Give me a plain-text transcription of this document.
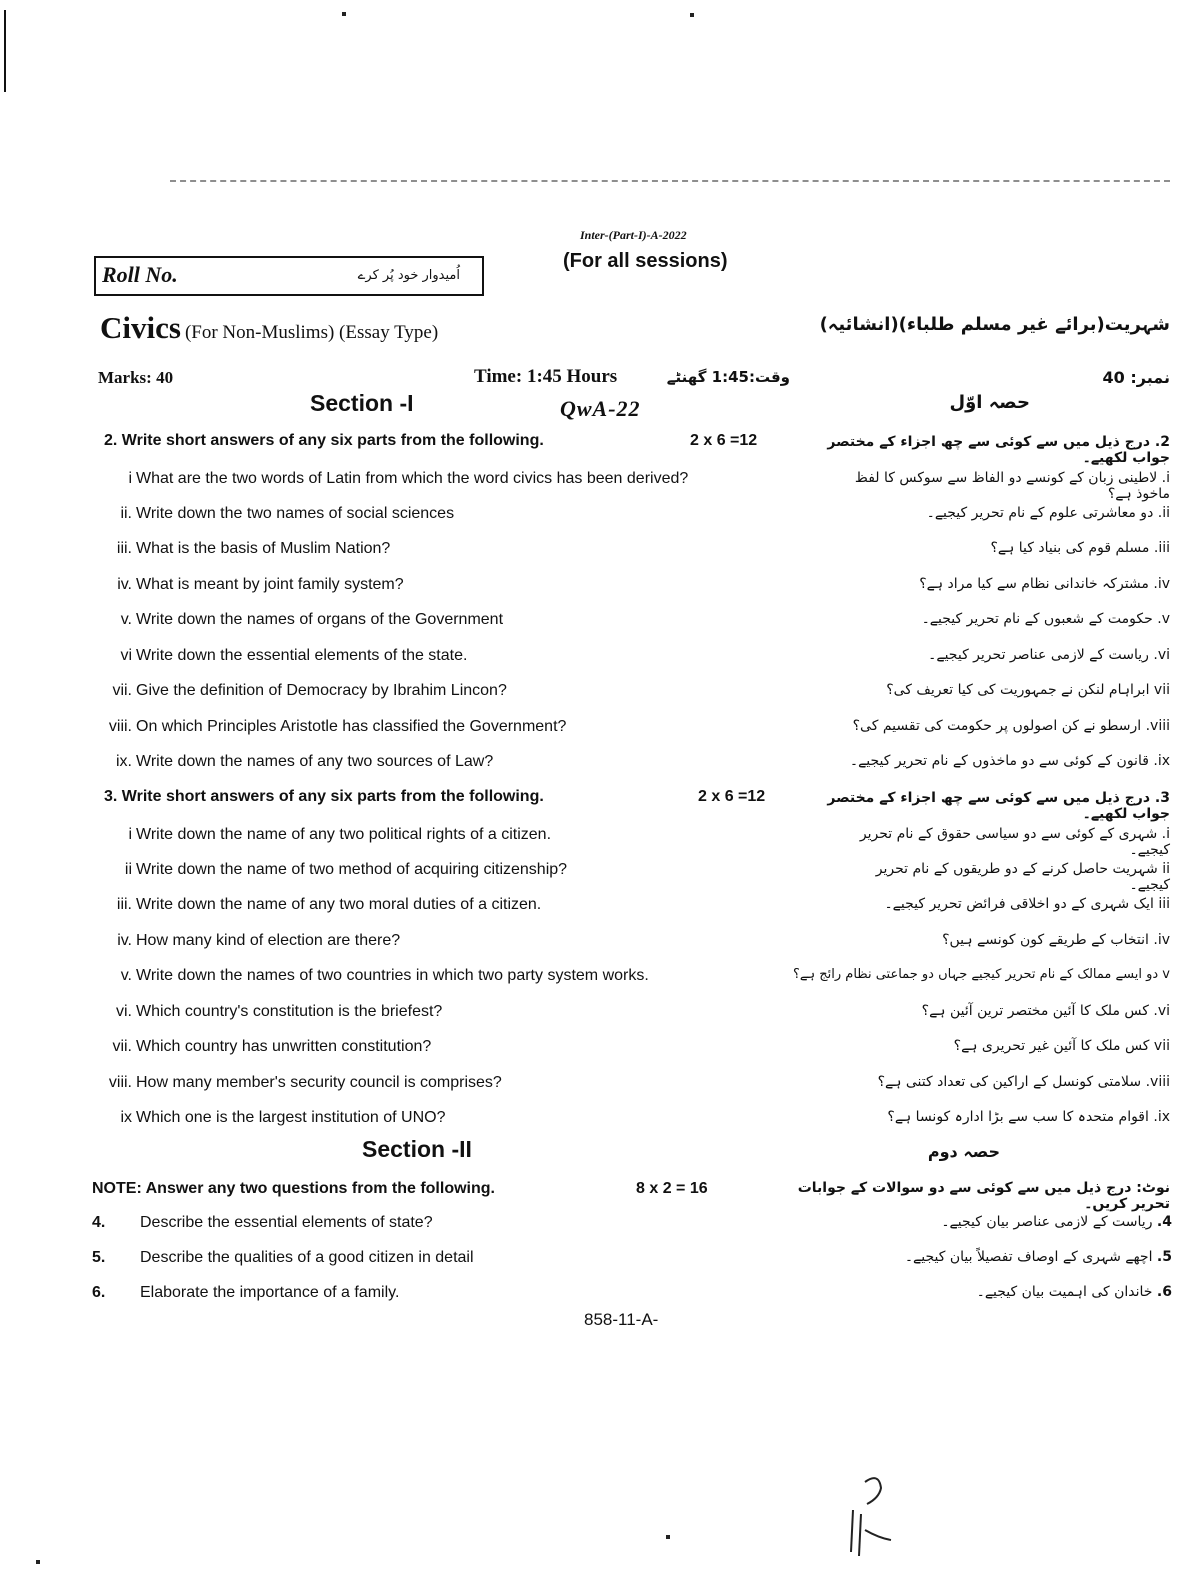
Inter-(Part-I)-A-2022
(For all sessions)
Roll No.	اُمیدوار خود پُر کرے
Civics (For Non-Muslims) (Essay Type)	شہریت(برائے غیر مسلم طلباء)(انشائیہ)
Marks: 40	Time: 1:45 Hours	وقت:1:45 گھنٹے	نمبر: 40
Section -I	QwA-22	حصہ اوّل
2. Write short answers of any six parts from the following.	2 x 6 =12	2. درج ذیل میں سے کوئی سے چھ اجزاء کے مختصر جواب لکھیے۔
i What are the two words of Latin from which the word civics has been derived?	i. لاطینی زبان کے کونسے دو الفاظ سے سوکس کا لفظ ماخوذ ہے؟
ii. Write down the two names of social sciences	ii. دو معاشرتی علوم کے نام تحریر کیجیے۔
iii. What is the basis of Muslim Nation?	iii. مسلم قوم کی بنیاد کیا ہے؟
iv. What is meant by joint family system?	iv. مشترکہ خاندانی نظام سے کیا مراد ہے؟
v. Write down the names of organs of the Government	v. حکومت کے شعبوں کے نام تحریر کیجیے۔
vi Write down the essential elements of the state.	vi. ریاست کے لازمی عناصر تحریر کیجیے۔
vii. Give the definition of Democracy by Ibrahim Lincon?	vii ابراہام لنکن نے جمہوریت کی کیا تعریف کی؟
viii. On which Principles Aristotle has classified the Government?	viii. ارسطو نے کن اصولوں پر حکومت کی تقسیم کی؟
ix. Write down the names of any two sources of Law?	ix. قانون کے کوئی سے دو ماخذوں کے نام تحریر کیجیے۔
3. Write short answers of any six parts from the following.	2 x 6 =12	3. درج ذیل میں سے کوئی سے چھ اجزاء کے مختصر جواب لکھیے۔
i Write down the name of any two political rights of a citizen.	i. شہری کے کوئی سے دو سیاسی حقوق کے نام تحریر کیجیے۔
ii Write down the name of two method of acquiring citizenship?	ii شہریت حاصل کرنے کے دو طریقوں کے نام تحریر کیجیے۔
iii. Write down the name of any two moral duties of a citizen.	iii ایک شہری کے دو اخلاقی فرائض تحریر کیجیے۔
iv. How many kind of election are there?	iv. انتخاب کے طریقے کون کونسے ہیں؟
v. Write down the names of two countries in which two party system works.	v دو ایسے ممالک کے نام تحریر کیجیے جہاں دو جماعتی نظام رائج ہے؟
vi. Which country's constitution is the briefest?	vi. کس ملک کا آئین مختصر ترین آئین ہے؟
vii. Which country has unwritten constitution?	vii کس ملک کا آئین غیر تحریری ہے؟
viii. How many member's security council is comprises?	viii. سلامتی کونسل کے اراکین کی تعداد کتنی ہے؟
ix Which one is the largest institution of UNO?	ix. اقوام متحدہ کا سب سے بڑا ادارہ کونسا ہے؟
Section -II	حصہ دوم
NOTE: Answer any two questions from the following.	8 x 2 = 16	نوٹ: درج ذیل میں سے کوئی سے دو سوالات کے جوابات تحریر کریں۔
4. Describe the essential elements of state?	4. ریاست کے لازمی عناصر بیان کیجیے۔
5. Describe the qualities of a good citizen in detail	5. اچھے شہری کے اوصاف تفصیلاً بیان کیجیے۔
6. Elaborate the importance of a family.	6. خاندان کی اہمیت بیان کیجیے۔
858-11-A-
